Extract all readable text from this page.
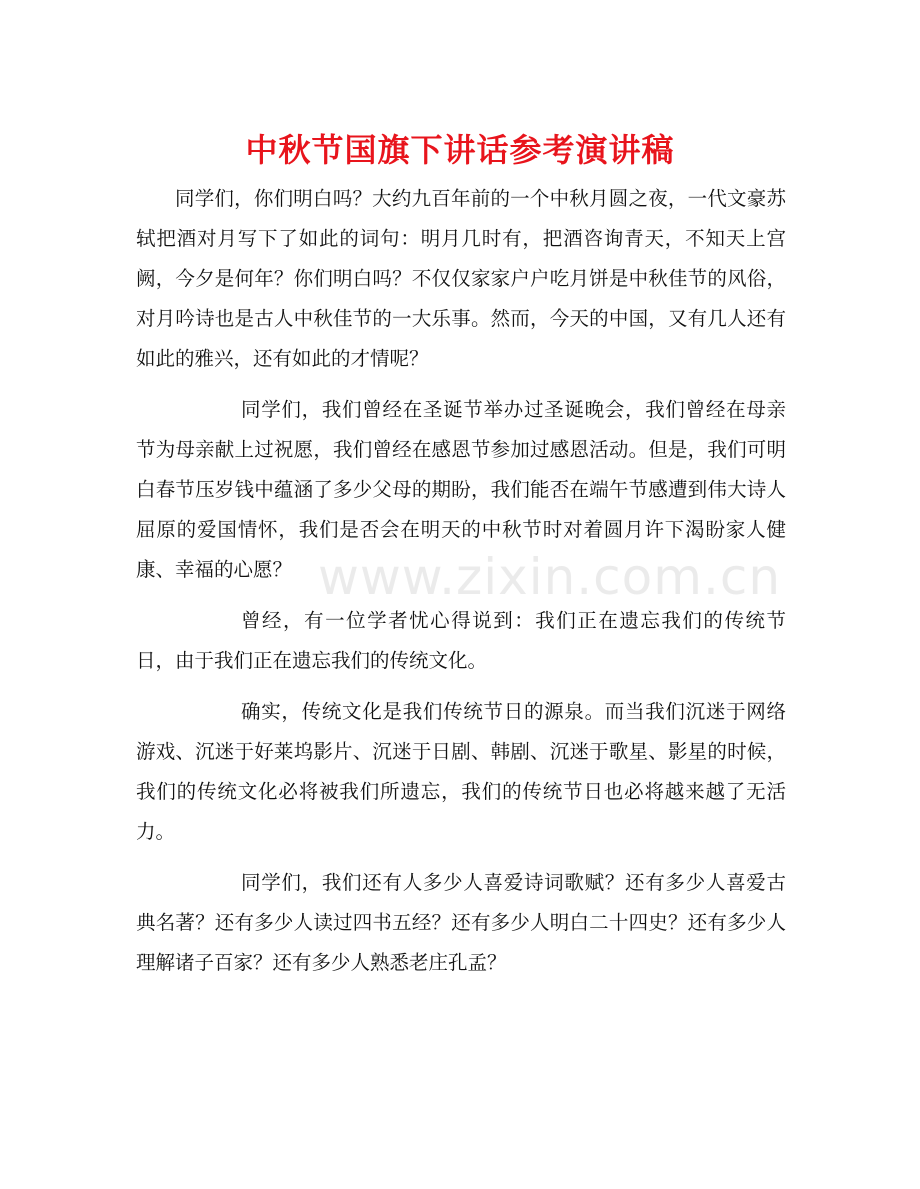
中秋节国旗下讲话参考演讲稿
www.zixin.com.cn

同学们，你们明白吗？大约九百年前的一个中秋月圆之夜，一代文豪苏轼把酒对月写下了如此的词句：明月几时有，把酒咨询青天，不知天上宫阙，今夕是何年？你们明白吗？不仅仅家家户户吃月饼是中秋佳节的风俗，对月吟诗也是古人中秋佳节的一大乐事。然而，今天的中国，又有几人还有如此的雅兴，还有如此的才情呢？

同学们，我们曾经在圣诞节举办过圣诞晚会，我们曾经在母亲节为母亲献上过祝愿，我们曾经在感恩节参加过感恩活动。但是，我们可明白春节压岁钱中蕴涵了多少父母的期盼，我们能否在端午节感遭到伟大诗人屈原的爱国情怀，我们是否会在明天的中秋节时对着圆月许下渴盼家人健康、幸福的心愿？

曾经，有一位学者忧心得说到：我们正在遗忘我们的传统节日，由于我们正在遗忘我们的传统文化。

确实，传统文化是我们传统节日的源泉。而当我们沉迷于网络游戏、沉迷于好莱坞影片、沉迷于日剧、韩剧、沉迷于歌星、影星的时候，我们的传统文化必将被我们所遗忘，我们的传统节日也必将越来越了无活力。

同学们，我们还有人多少人喜爱诗词歌赋？还有多少人喜爱古典名著？还有多少人读过四书五经？还有多少人明白二十四史？还有多少人理解诸子百家？还有多少人熟悉老庄孔孟？
